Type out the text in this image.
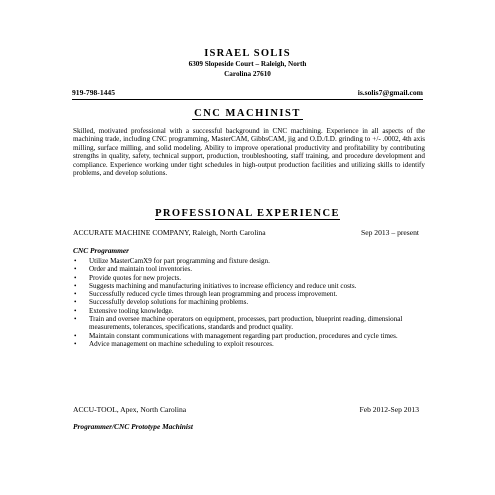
ISRAEL SOLIS
6309 Slopeside Court – Raleigh, North
Carolina 27610
919-798-1445	is.solis7@gmail.com
CNC MACHINIST
Skilled, motivated professional with a successful background in CNC machining. Experience in all aspects of the machining trade, including CNC programming, MasterCAM, GibbsCAM, jig and O.D./I.D. grinding to +/- .0002, 4th axis milling, surface milling, and solid modeling. Ability to improve operational productivity and profitability by contributing strengths in quality, safety, technical support, production, troubleshooting, staff training, and procedure development and compliance. Experience working under tight schedules in high-output production facilities and utilizing skills to identify problems, and develop solutions.
PROFESSIONAL EXPERIENCE
ACCURATE MACHINE COMPANY, Raleigh, North Carolina	Sep 2013 – present
CNC Programmer
• Utilize MasterCamX9 for part programming and fixture design.
• Order and maintain tool inventories.
• Provide quotes for new projects.
• Suggests machining and manufacturing initiatives to increase efficiency and reduce unit costs.
• Successfully reduced cycle times through lean programming and process improvement.
• Successfully develop solutions for machining problems.
• Extensive tooling knowledge.
• Train and oversee machine operators on equipment, processes, part production, blueprint reading, dimensional measurements, tolerances, specifications, standards and product quality.
• Maintain constant communications with management regarding part production, procedures and cycle times.
• Advice management on machine scheduling to exploit resources.
ACCU-TOOL, Apex, North Carolina	Feb 2012-Sep 2013
Programmer/CNC Prototype Machinist
